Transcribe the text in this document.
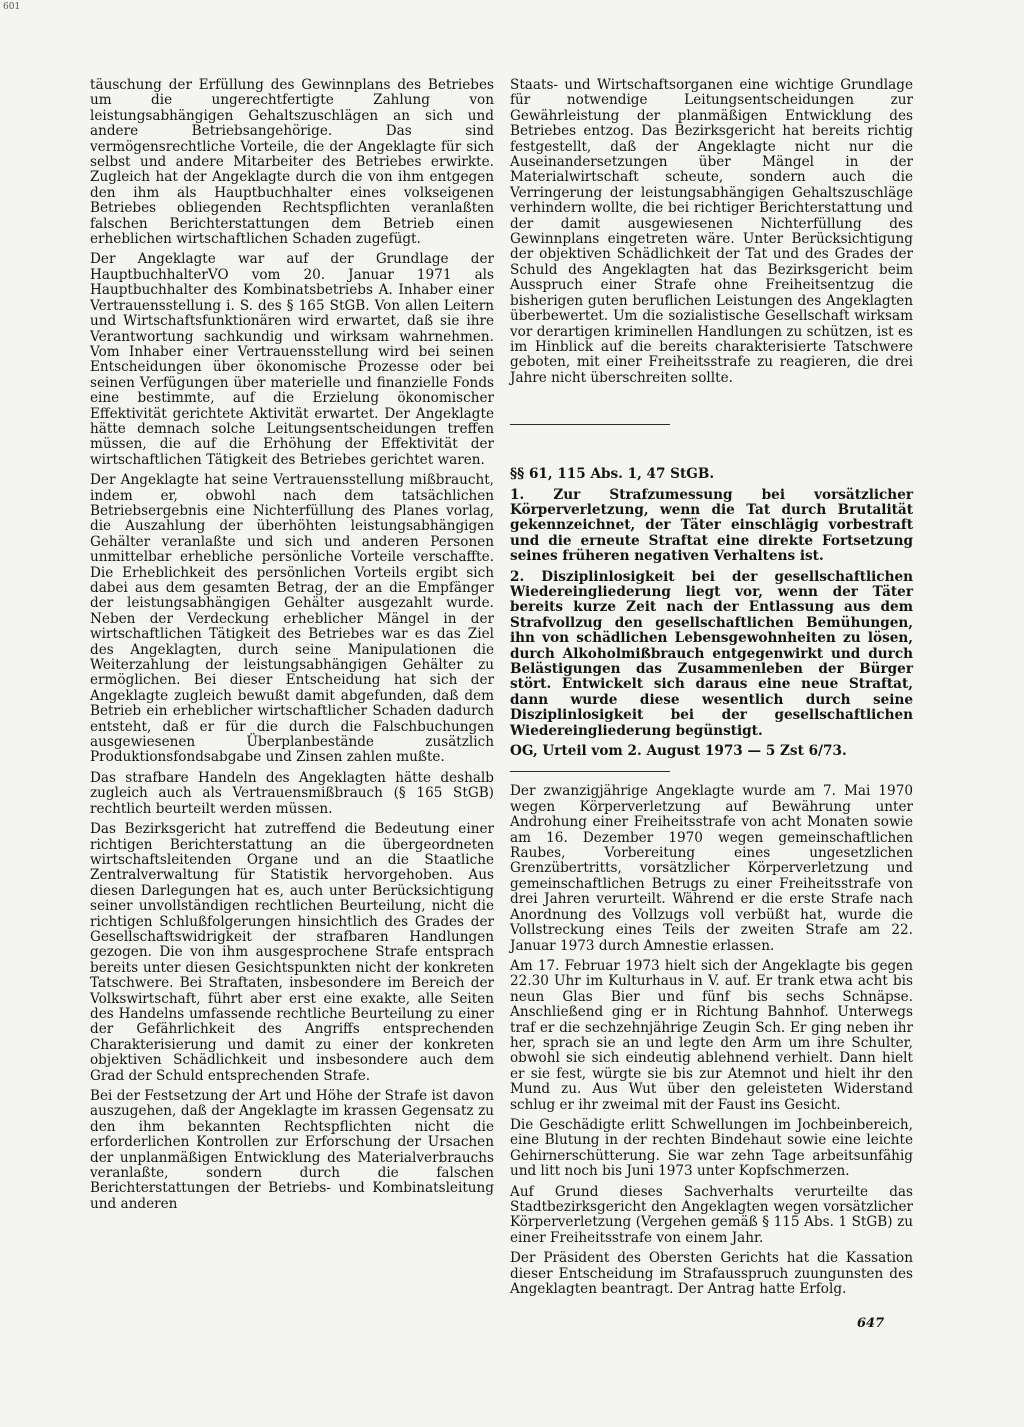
601

täuschung der Erfüllung des Gewinnplans des Betriebes um die ungerechtfertigte Zahlung von leistungsabhängigen Gehaltszuschlägen an sich und andere Betriebsangehörige. Das sind vermögensrechtliche Vorteile, die der Angeklagte für sich selbst und andere Mitarbeiter des Betriebes erwirkte. Zugleich hat der Angeklagte durch die von ihm entgegen den ihm als Hauptbuchhalter eines volkseigenen Betriebes obliegenden Rechtspflichten veranlaßten falschen Berichterstattungen dem Betrieb einen erheblichen wirtschaftlichen Schaden zugefügt.

Der Angeklagte war auf der Grundlage der HauptbuchhalterVO vom 20. Januar 1971 als Hauptbuchhalter des Kombinatsbetriebs A. Inhaber einer Vertrauensstellung i. S. des § 165 StGB. Von allen Leitern und Wirtschaftsfunktionären wird erwartet, daß sie ihre Verantwortung sachkundig und wirksam wahrnehmen. Vom Inhaber einer Vertrauensstellung wird bei seinen Entscheidungen über ökonomische Prozesse oder bei seinen Verfügungen über materielle und finanzielle Fonds eine bestimmte, auf die Erzielung ökonomischer Effektivität gerichtete Aktivität erwartet. Der Angeklagte hätte demnach solche Leitungsentscheidungen treffen müssen, die auf die Erhöhung der Effektivität der wirtschaftlichen Tätigkeit des Betriebes gerichtet waren.

Der Angeklagte hat seine Vertrauensstellung mißbraucht, indem er, obwohl nach dem tatsächlichen Betriebsergebnis eine Nichterfüllung des Planes vorlag, die Auszahlung der überhöhten leistungsabhängigen Gehälter veranlaßte und sich und anderen Personen unmittelbar erhebliche persönliche Vorteile verschaffte. Die Erheblichkeit des persönlichen Vorteils ergibt sich dabei aus dem gesamten Betrag, der an die Empfänger der leistungsabhängigen Gehälter ausgezahlt wurde. Neben der Verdeckung erheblicher Mängel in der wirtschaftlichen Tätigkeit des Betriebes war es das Ziel des Angeklagten, durch seine Manipulationen die Weiterzahlung der leistungsabhängigen Gehälter zu ermöglichen. Bei dieser Entscheidung hat sich der Angeklagte zugleich bewußt damit abgefunden, daß dem Betrieb ein erheblicher wirtschaftlicher Schaden dadurch entsteht, daß er für die durch die Falschbuchungen ausgewiesenen Überplanbestände zusätzlich Produktionsfondsabgabe und Zinsen zahlen mußte.

Das strafbare Handeln des Angeklagten hätte deshalb zugleich auch als Vertrauensmißbrauch (§ 165 StGB) rechtlich beurteilt werden müssen.

Das Bezirksgericht hat zutreffend die Bedeutung einer richtigen Berichterstattung an die übergeordneten wirtschaftsleitenden Organe und an die Staatliche Zentralverwaltung für Statistik hervorgehoben. Aus diesen Darlegungen hat es, auch unter Berücksichtigung seiner unvollständigen rechtlichen Beurteilung, nicht die richtigen Schlußfolgerungen hinsichtlich des Grades der Gesellschaftswidrigkeit der strafbaren Handlungen gezogen. Die von ihm ausgesprochene Strafe entsprach bereits unter diesen Gesichtspunkten nicht der konkreten Tatschwere. Bei Straftaten, insbesondere im Bereich der Volkswirtschaft, führt aber erst eine exakte, alle Seiten des Handelns umfassende rechtliche Beurteilung zu einer der Gefährlichkeit des Angriffs entsprechenden Charakterisierung und damit zu einer der konkreten objektiven Schädlichkeit und insbesondere auch dem Grad der Schuld entsprechenden Strafe.

Bei der Festsetzung der Art und Höhe der Strafe ist davon auszugehen, daß der Angeklagte im krassen Gegensatz zu den ihm bekannten Rechtspflichten nicht die erforderlichen Kontrollen zur Erforschung der Ursachen der unplanmäßigen Entwicklung des Materialverbrauchs veranlaßte, sondern durch die falschen Berichterstattungen der Betriebs- und Kombinatsleitung und anderen

Staats- und Wirtschaftsorganen eine wichtige Grundlage für notwendige Leitungsentscheidungen zur Gewährleistung der planmäßigen Entwicklung des Betriebes entzog. Das Bezirksgericht hat bereits richtig festgestellt, daß der Angeklagte nicht nur die Auseinandersetzungen über Mängel in der Materialwirtschaft scheute, sondern auch die Verringerung der leistungsabhängigen Gehaltszuschläge verhindern wollte, die bei richtiger Berichterstattung und der damit ausgewiesenen Nichterfüllung des Gewinnplans eingetreten wäre. Unter Berücksichtigung der objektiven Schädlichkeit der Tat und des Grades der Schuld des Angeklagten hat das Bezirksgericht beim Ausspruch einer Strafe ohne Freiheitsentzug die bisherigen guten beruflichen Leistungen des Angeklagten überbewertet. Um die sozialistische Gesellschaft wirksam vor derartigen kriminellen Handlungen zu schützen, ist es im Hinblick auf die bereits charakterisierte Tatschwere geboten, mit einer Freiheitsstrafe zu reagieren, die drei Jahre nicht überschreiten sollte.

§§ 61, 115 Abs. 1, 47 StGB.

1. Zur Strafzumessung bei vorsätzlicher Körperverletzung, wenn die Tat durch Brutalität gekennzeichnet, der Täter einschlägig vorbestraft und die erneute Straftat eine direkte Fortsetzung seines früheren negativen Verhaltens ist.

2. Disziplinlosigkeit bei der gesellschaftlichen Wiedereingliederung liegt vor, wenn der Täter bereits kurze Zeit nach der Entlassung aus dem Strafvollzug den gesellschaftlichen Bemühungen, ihn von schädlichen Lebensgewohnheiten zu lösen, durch Alkoholmißbrauch entgegenwirkt und durch Belästigungen das Zusammenleben der Bürger stört. Entwickelt sich daraus eine neue Straftat, dann wurde diese wesentlich durch seine Disziplinlosigkeit bei der gesellschaftlichen Wiedereingliederung begünstigt.

OG, Urteil vom 2. August 1973 — 5 Zst 6/73.

Der zwanzigjährige Angeklagte wurde am 7. Mai 1970 wegen Körperverletzung auf Bewährung unter Androhung einer Freiheitsstrafe von acht Monaten sowie am 16. Dezember 1970 wegen gemeinschaftlichen Raubes, Vorbereitung eines ungesetzlichen Grenzübertritts, vorsätzlicher Körperverletzung und gemeinschaftlichen Betrugs zu einer Freiheitsstrafe von drei Jahren verurteilt. Während er die erste Strafe nach Anordnung des Vollzugs voll verbüßt hat, wurde die Vollstreckung eines Teils der zweiten Strafe am 22. Januar 1973 durch Amnestie erlassen.

Am 17. Februar 1973 hielt sich der Angeklagte bis gegen 22.30 Uhr im Kulturhaus in V. auf. Er trank etwa acht bis neun Glas Bier und fünf bis sechs Schnäpse. Anschließend ging er in Richtung Bahnhof. Unterwegs traf er die sechzehnjährige Zeugin Sch. Er ging neben ihr her, sprach sie an und legte den Arm um ihre Schulter, obwohl sie sich eindeutig ablehnend verhielt. Dann hielt er sie fest, würgte sie bis zur Atemnot und hielt ihr den Mund zu. Aus Wut über den geleisteten Widerstand schlug er ihr zweimal mit der Faust ins Gesicht.

Die Geschädigte erlitt Schwellungen im Jochbeinbereich, eine Blutung in der rechten Bindehaut sowie eine leichte Gehirnerschütterung. Sie war zehn Tage arbeitsunfähig und litt noch bis Juni 1973 unter Kopfschmerzen.

Auf Grund dieses Sachverhalts verurteilte das Stadtbezirksgericht den Angeklagten wegen vorsätzlicher Körperverletzung (Vergehen gemäß § 115 Abs. 1 StGB) zu einer Freiheitsstrafe von einem Jahr.

Der Präsident des Obersten Gerichts hat die Kassation dieser Entscheidung im Strafausspruch zuungunsten des Angeklagten beantragt. Der Antrag hatte Erfolg.

647
